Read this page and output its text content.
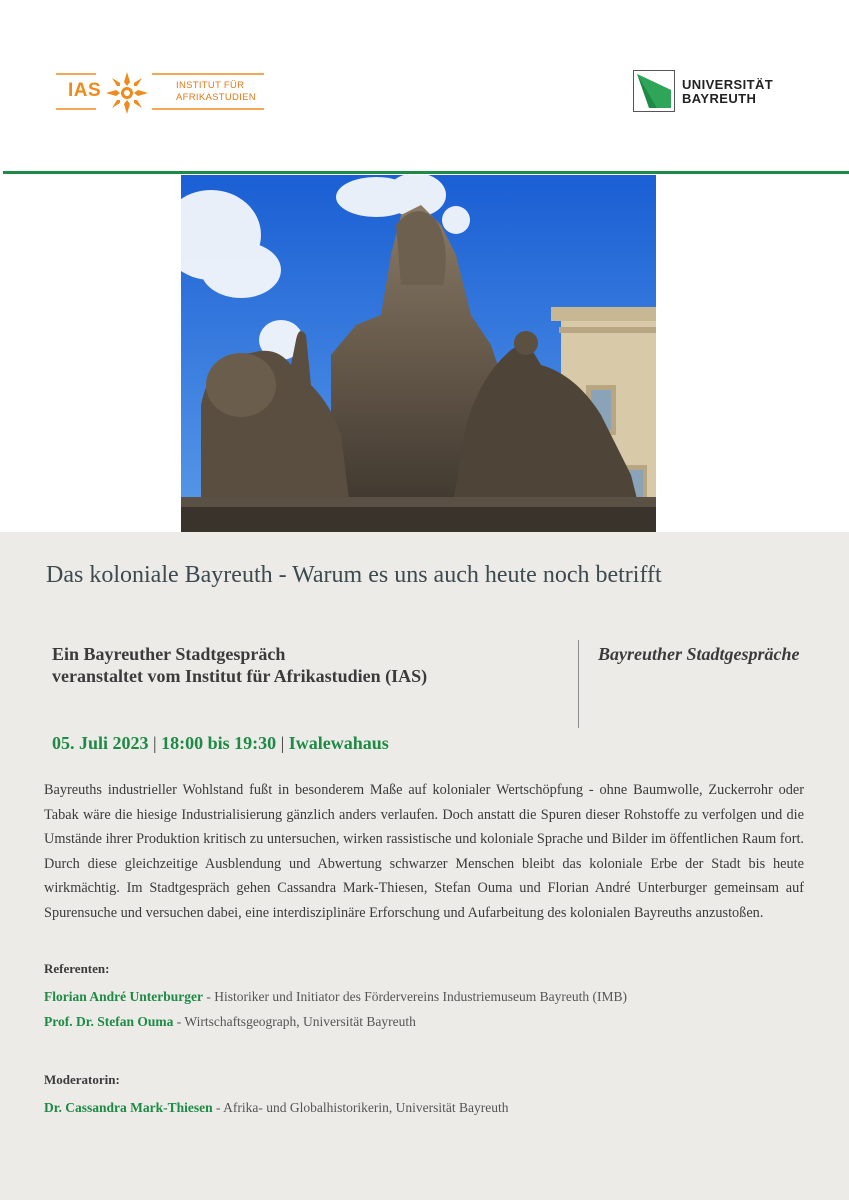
IAS	INSTITUT FÜR
AFRIKASTUDIEN
UNIVERSITÄT
BAYREUTH
Das koloniale Bayreuth - Warum es uns auch heute noch betrifft
Ein Bayreuther Stadtgespräch
veranstaltet vom Institut für Afrikastudien (IAS)
Bayreuther Stadtgespräche
05. Juli 2023 | 18:00 bis 19:30 | Iwalewahaus

Bayreuths industrieller Wohlstand fußt in besonderem Maße auf kolonialer Wertschöpfung - ohne Baumwolle, Zuckerrohr oder Tabak wäre die hiesige Industrialisierung gänzlich anders verlaufen. Doch anstatt die Spuren dieser Rohstoffe zu verfolgen und die Umstände ihrer Produktion kritisch zu untersuchen, wirken rassistische und koloniale Sprache und Bilder im öffentlichen Raum fort. Durch diese gleichzeitige Ausblendung und Abwertung schwarzer Menschen bleibt das koloniale Erbe der Stadt bis heute wirkmächtig. Im Stadtgespräch gehen Cassandra Mark-Thiesen, Stefan Ouma und Florian André Unterburger gemeinsam auf Spurensuche und versuchen dabei, eine interdisziplinäre Erforschung und Aufarbeitung des kolonialen Bayreuths anzustoßen.

Referenten:
Florian André Unterburger - Historiker und Initiator des Fördervereins Industriemuseum Bayreuth (IMB)
Prof. Dr. Stefan Ouma - Wirtschaftsgeograph, Universität Bayreuth
Moderatorin:
Dr. Cassandra Mark-Thiesen - Afrika- und Globalhistorikerin, Universität Bayreuth
